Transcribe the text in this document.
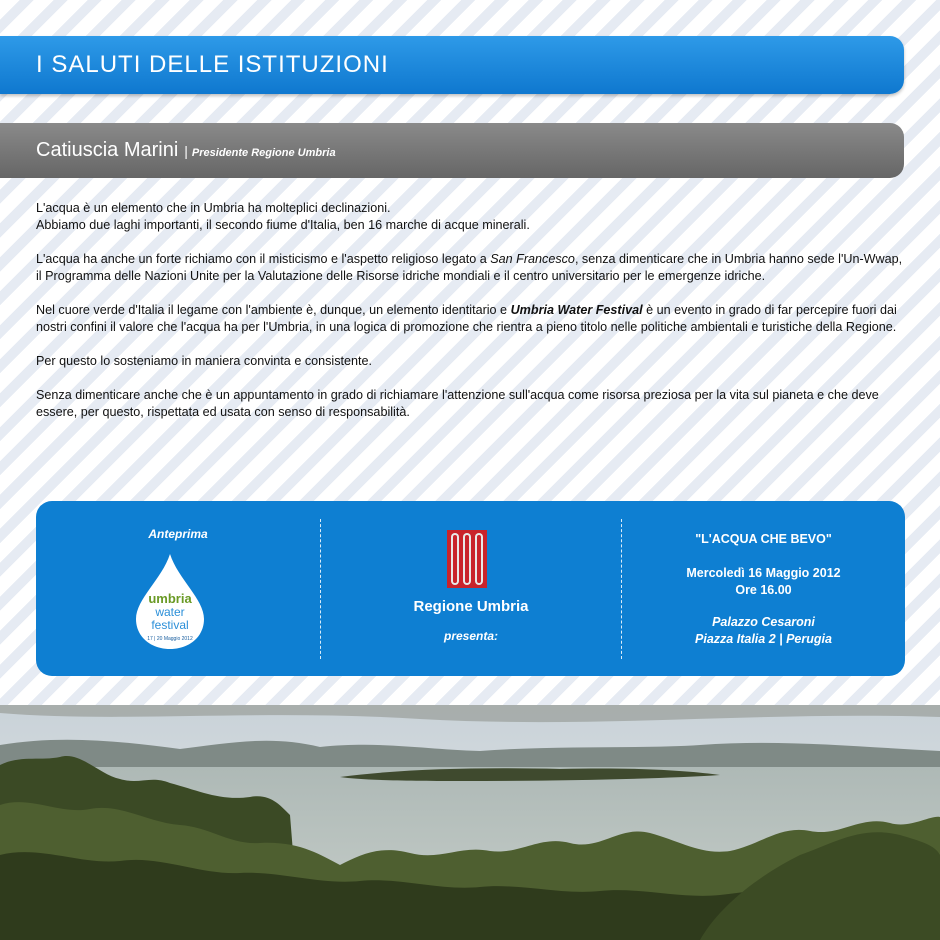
I SALUTI DELLE ISTITUZIONI
Catiuscia Marini | Presidente Regione Umbria

L'acqua è un elemento che in Umbria ha molteplici declinazioni.
Abbiamo due laghi importanti, il secondo fiume d'Italia, ben 16 marche di acque minerali.

L'acqua ha anche un forte richiamo con il misticismo e l'aspetto religioso legato a San Francesco, senza dimenticare che in Umbria hanno sede l'Un-Wwap, il Programma delle Nazioni Unite per la Valutazione delle Risorse idriche mondiali e il centro universitario per le emergenze idriche.

Nel cuore verde d'Italia il legame con l'ambiente è, dunque, un elemento identitario e Umbria Water Festival è un evento in grado di far percepire fuori dai nostri confini il valore che l'acqua ha per l'Umbria, in una logica di promozione che rientra a pieno titolo nelle politiche ambientali e turistiche della Regione.

Per questo lo sosteniamo in maniera convinta e consistente.

Senza dimenticare anche che è un appuntamento in grado di richiamare l'attenzione sull'acqua come risorsa preziosa per la vita sul pianeta e che deve essere, per questo, rispettata ed usata con senso di responsabilità.

Anteprima
umbria
water
festival
17 | 20 Maggio 2012
Regione Umbria
presenta:
"L'ACQUA CHE BEVO"
Mercoledì 16 Maggio 2012
Ore 16.00
Palazzo Cesaroni
Piazza Italia 2 | Perugia
